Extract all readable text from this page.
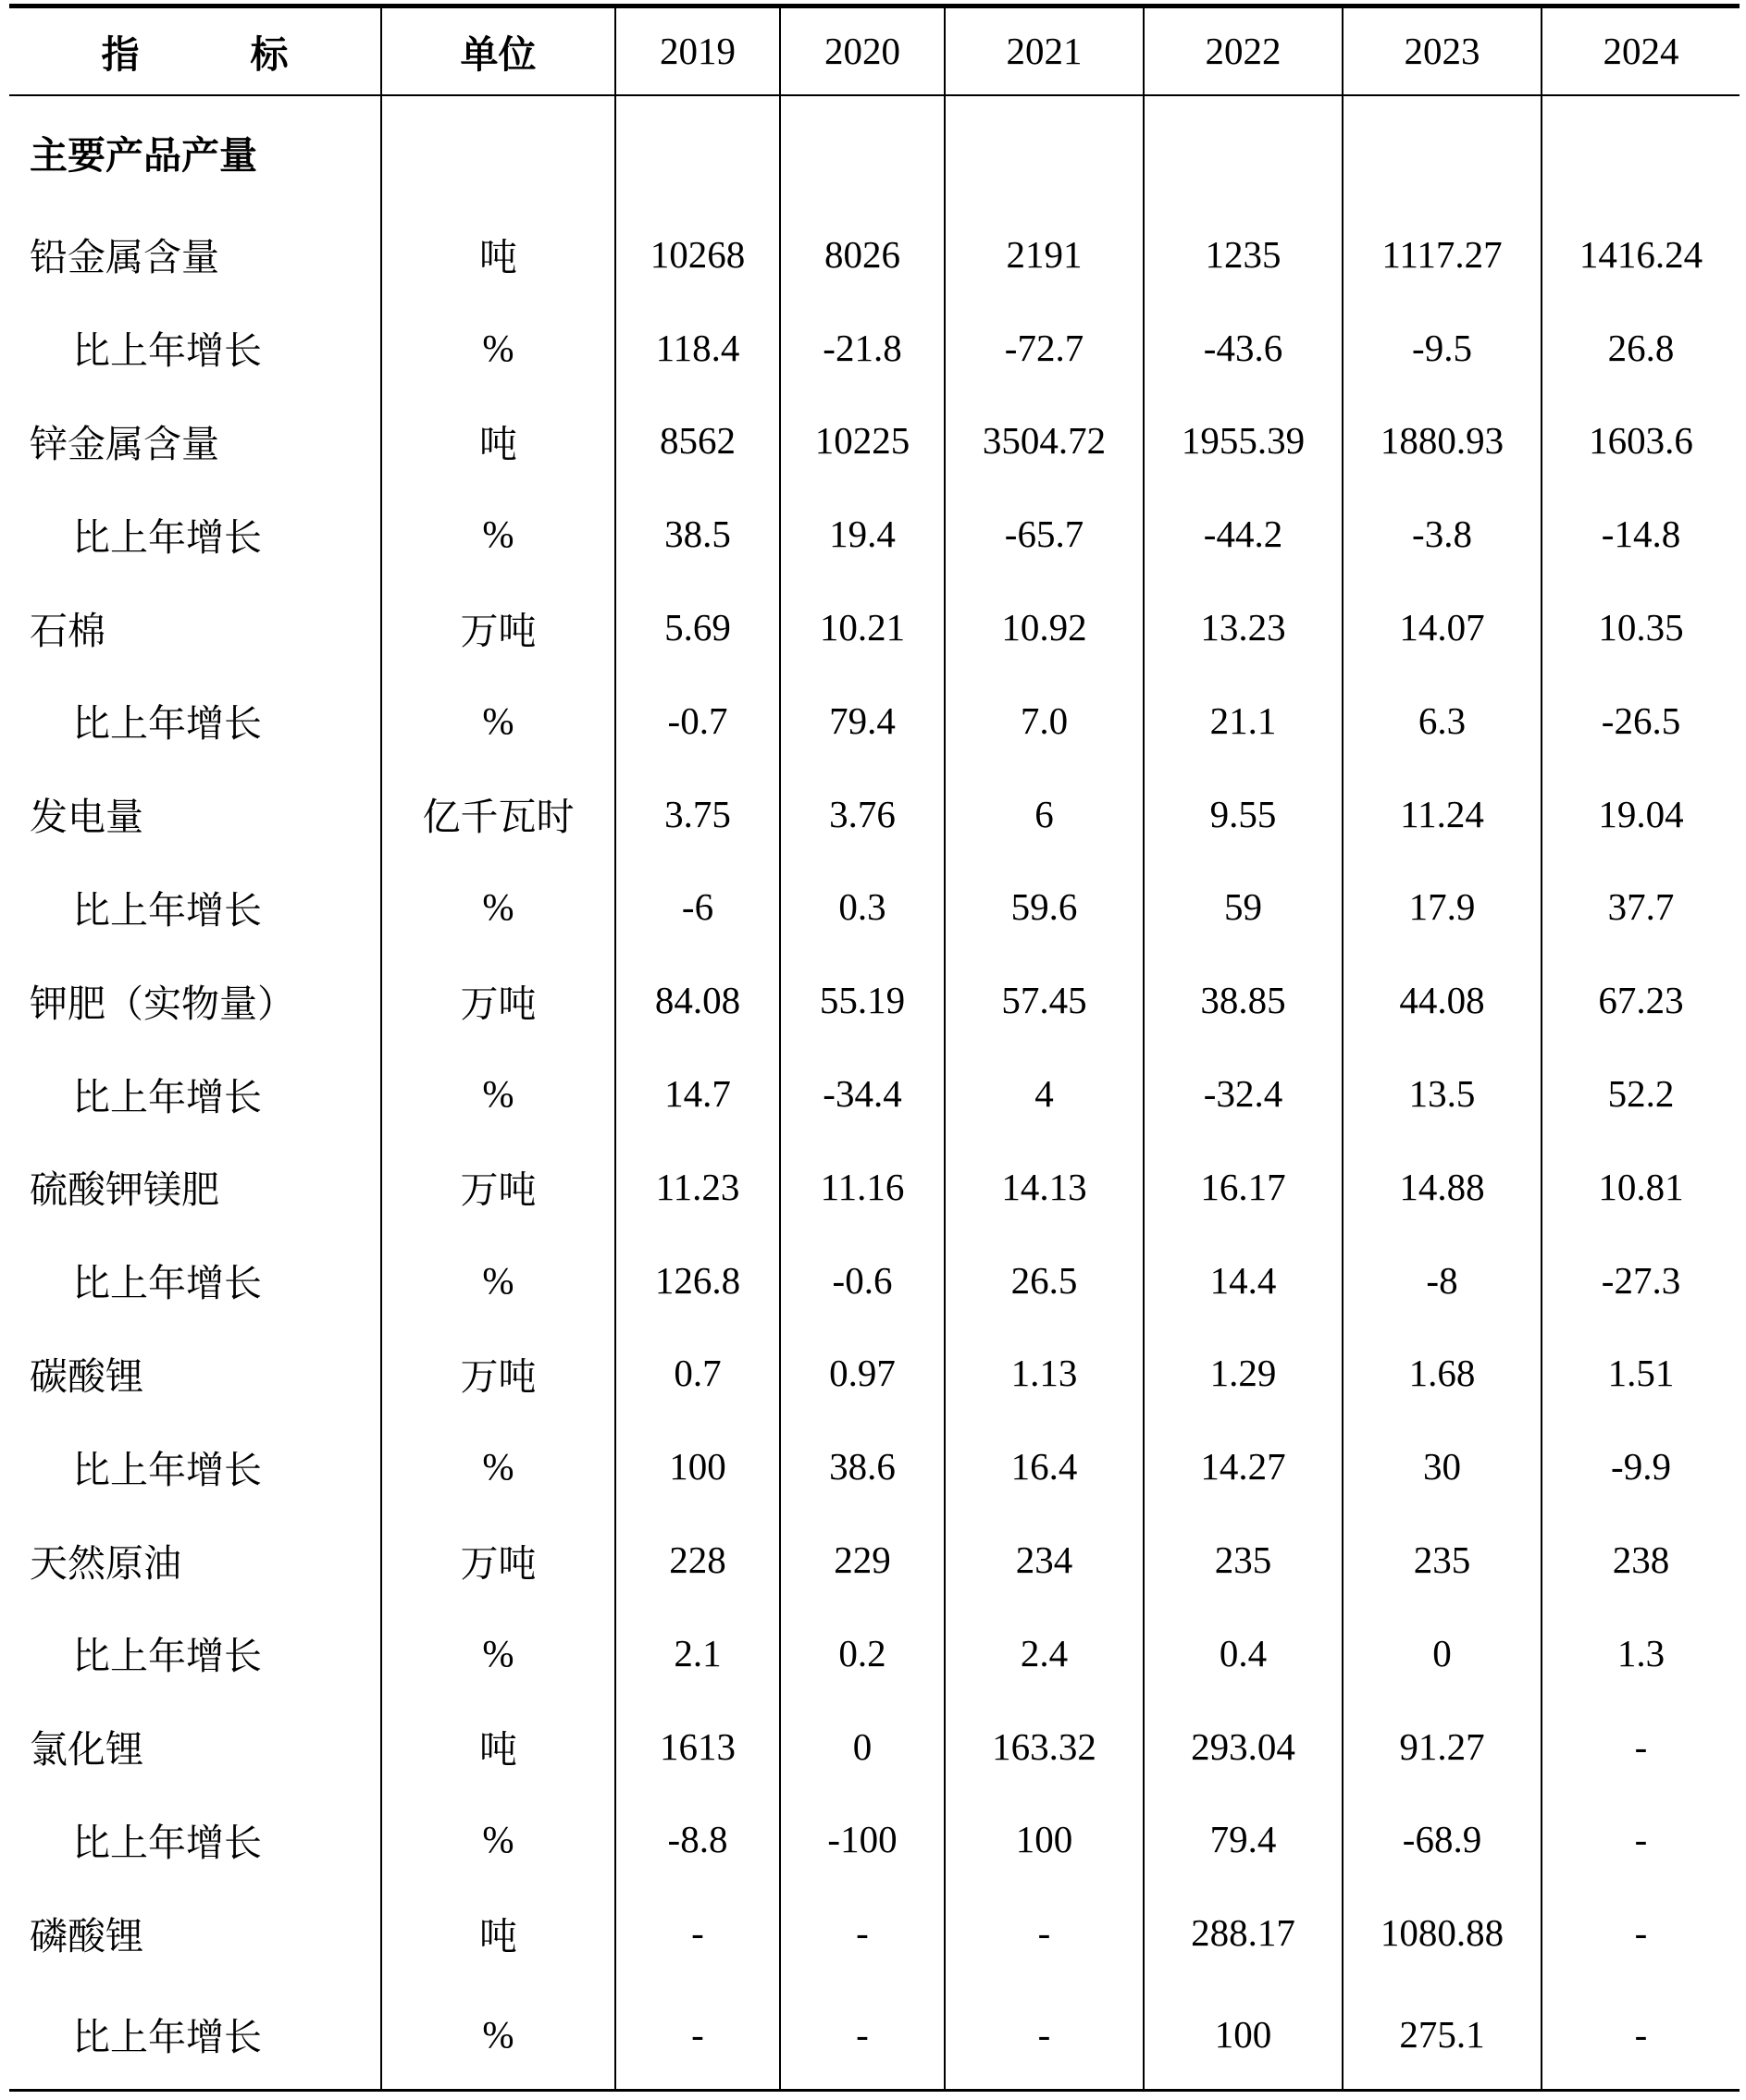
指 标	单位	2019	2020	2021	2022	2023	2024
主要产品产量							
铅金属含量	吨	10268	8026	2191	1235	1117.27	1416.24
比上年增长	%	118.4	-21.8	-72.7	-43.6	-9.5	26.8
锌金属含量	吨	8562	10225	3504.72	1955.39	1880.93	1603.6
比上年增长	%	38.5	19.4	-65.7	-44.2	-3.8	-14.8
石棉	万吨	5.69	10.21	10.92	13.23	14.07	10.35
比上年增长	%	-0.7	79.4	7.0	21.1	6.3	-26.5
发电量	亿千瓦时	3.75	3.76	6	9.55	11.24	19.04
比上年增长	%	-6	0.3	59.6	59	17.9	37.7
钾肥（实物量）	万吨	84.08	55.19	57.45	38.85	44.08	67.23
比上年增长	%	14.7	-34.4	4	-32.4	13.5	52.2
硫酸钾镁肥	万吨	11.23	11.16	14.13	16.17	14.88	10.81
比上年增长	%	126.8	-0.6	26.5	14.4	-8	-27.3
碳酸锂	万吨	0.7	0.97	1.13	1.29	1.68	1.51
比上年增长	%	100	38.6	16.4	14.27	30	-9.9
天然原油	万吨	228	229	234	235	235	238
比上年增长	%	2.1	0.2	2.4	0.4	0	1.3
氯化锂	吨	1613	0	163.32	293.04	91.27	-
比上年增长	%	-8.8	-100	100	79.4	-68.9	-
磷酸锂	吨	-	-	-	288.17	1080.88	-
比上年增长	%	-	-	-	100	275.1	-
